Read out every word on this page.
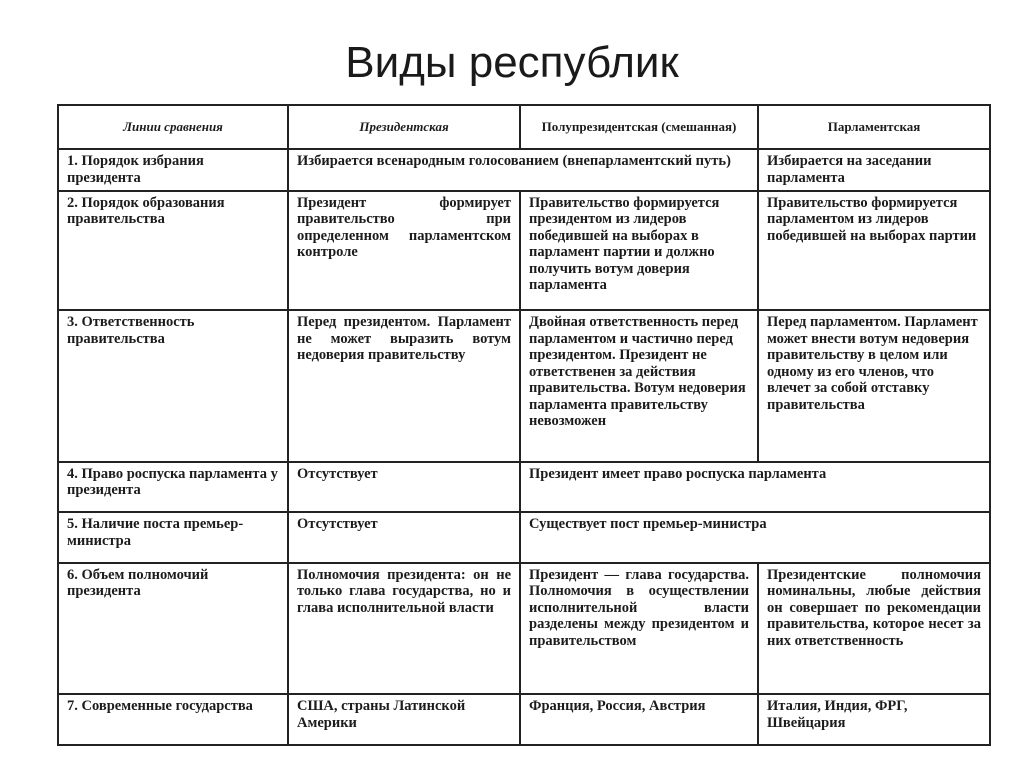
Виды республик
Линии сравнения	Президентская	Полупрезидентская (смешанная)	Парламентская
1. Порядок избрания президента	Избирается всенародным голосованием (внепарламентский путь)		Избирается на заседании парламента
2. Порядок образования правительства	Президент формирует правительство при определенном парламентском контроле	Правительство формируется президентом из лидеров победившей на выборах в парламент партии и должно получить вотум доверия парламента	Правительство формируется парламентом из лидеров победившей на выборах партии
3. Ответственность правительства	Перед президентом. Парламент не может выразить вотум недоверия правительству	Двойная ответственность перед парламентом и частично перед президентом. Президент не ответственен за действия правительства. Вотум недоверия парламента правительству невозможен	Перед парламентом. Парламент может внести вотум недоверия правительству в целом или одному из его членов, что влечет за собой отставку правительства
4. Право роспуска парламента у президента	Отсутствует	Президент имеет право роспуска парламента	
5. Наличие поста премьер-министра	Отсутствует	Существует пост премьер-министра	
6. Объем полномочий президента	Полномочия президента: он не только глава государства, но и глава исполнительной власти	Президент — глава государства. Полномочия в осуществлении исполнительной власти разделены между президентом и правительством	Президентские полномочия номинальны, любые действия он совершает по рекомендации правительства, которое несет за них ответственность
7. Современные государства	США, страны Латинской Америки	Франция, Россия, Австрия	Италия, Индия, ФРГ, Швейцария
